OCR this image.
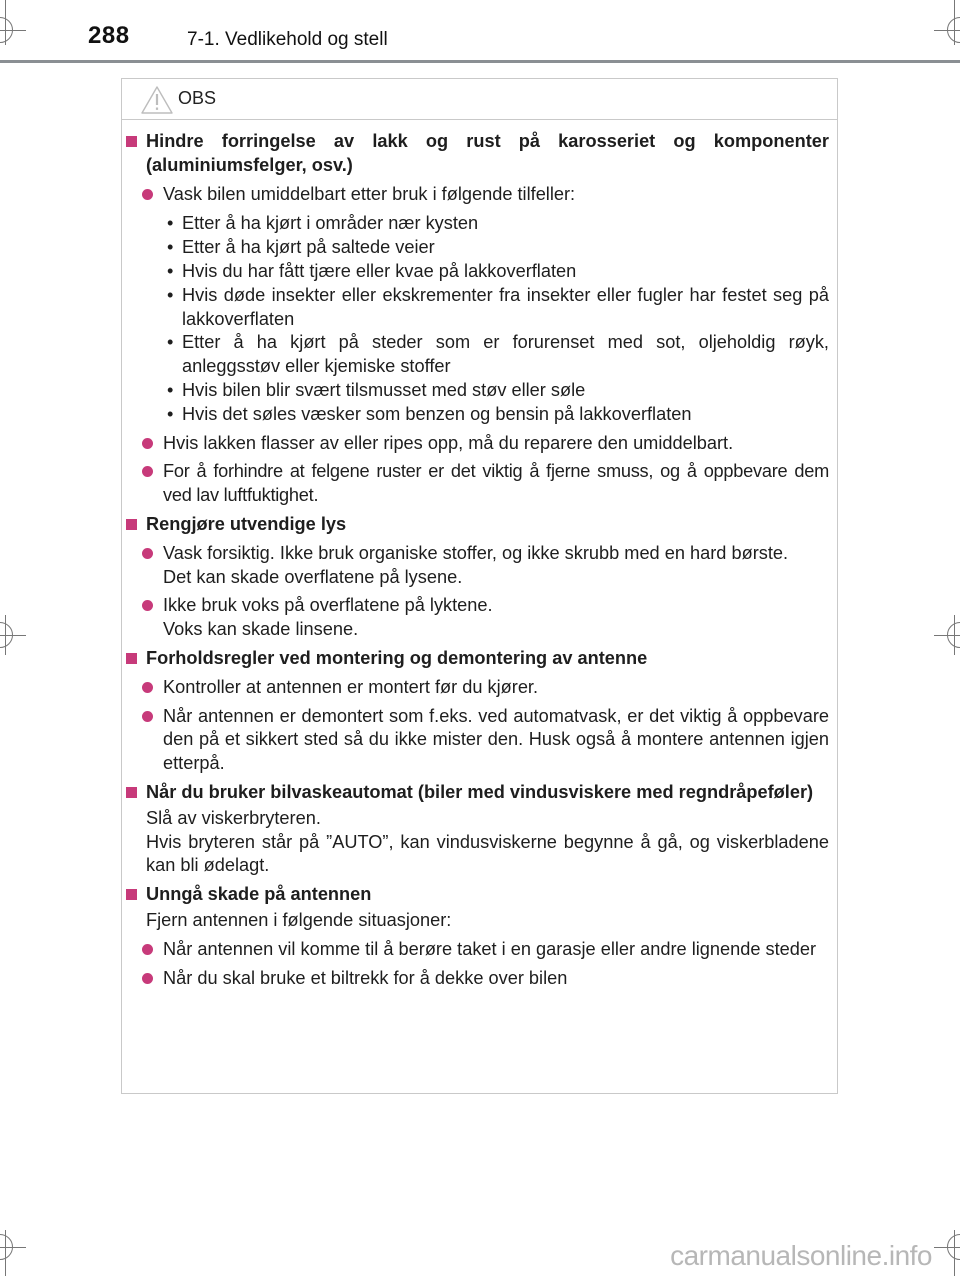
288	7-1. Vedlikehold og stell
OBS
Hindre forringelse av lakk og rust på karosseriet og komponenter (aluminiumsfelger, osv.)
Vask bilen umiddelbart etter bruk i følgende tilfeller:
• Etter å ha kjørt i områder nær kysten
• Etter å ha kjørt på saltede veier
• Hvis du har fått tjære eller kvae på lakkoverflaten
• Hvis døde insekter eller ekskrementer fra insekter eller fugler har festet seg på lakkoverflaten
• Etter å ha kjørt på steder som er forurenset med sot, oljeholdig røyk, anleggsstøv eller kjemiske stoffer
• Hvis bilen blir svært tilsmusset med støv eller søle
• Hvis det søles væsker som benzen og bensin på lakkoverflaten
Hvis lakken flasser av eller ripes opp, må du reparere den umiddelbart.
For å forhindre at felgene ruster er det viktig å fjerne smuss, og å oppbevare dem ved lav luftfuktighet.
Rengjøre utvendige lys
Vask forsiktig. Ikke bruk organiske stoffer, og ikke skrubb med en hard børste.
Det kan skade overflatene på lysene.
Ikke bruk voks på overflatene på lyktene.
Voks kan skade linsene.
Forholdsregler ved montering og demontering av antenne
Kontroller at antennen er montert før du kjører.
Når antennen er demontert som f.eks. ved automatvask, er det viktig å oppbevare den på et sikkert sted så du ikke mister den. Husk også å montere antennen igjen etterpå.
Når du bruker bilvaskeautomat (biler med vindusviskere med regndråpeføler)
Slå av viskerbryteren.
Hvis bryteren står på ”AUTO”, kan vindusviskerne begynne å gå, og viskerbladene kan bli ødelagt.
Unngå skade på antennen
Fjern antennen i følgende situasjoner:
Når antennen vil komme til å berøre taket i en garasje eller andre lignende steder
Når du skal bruke et biltrekk for å dekke over bilen
carmanualsonline.info
